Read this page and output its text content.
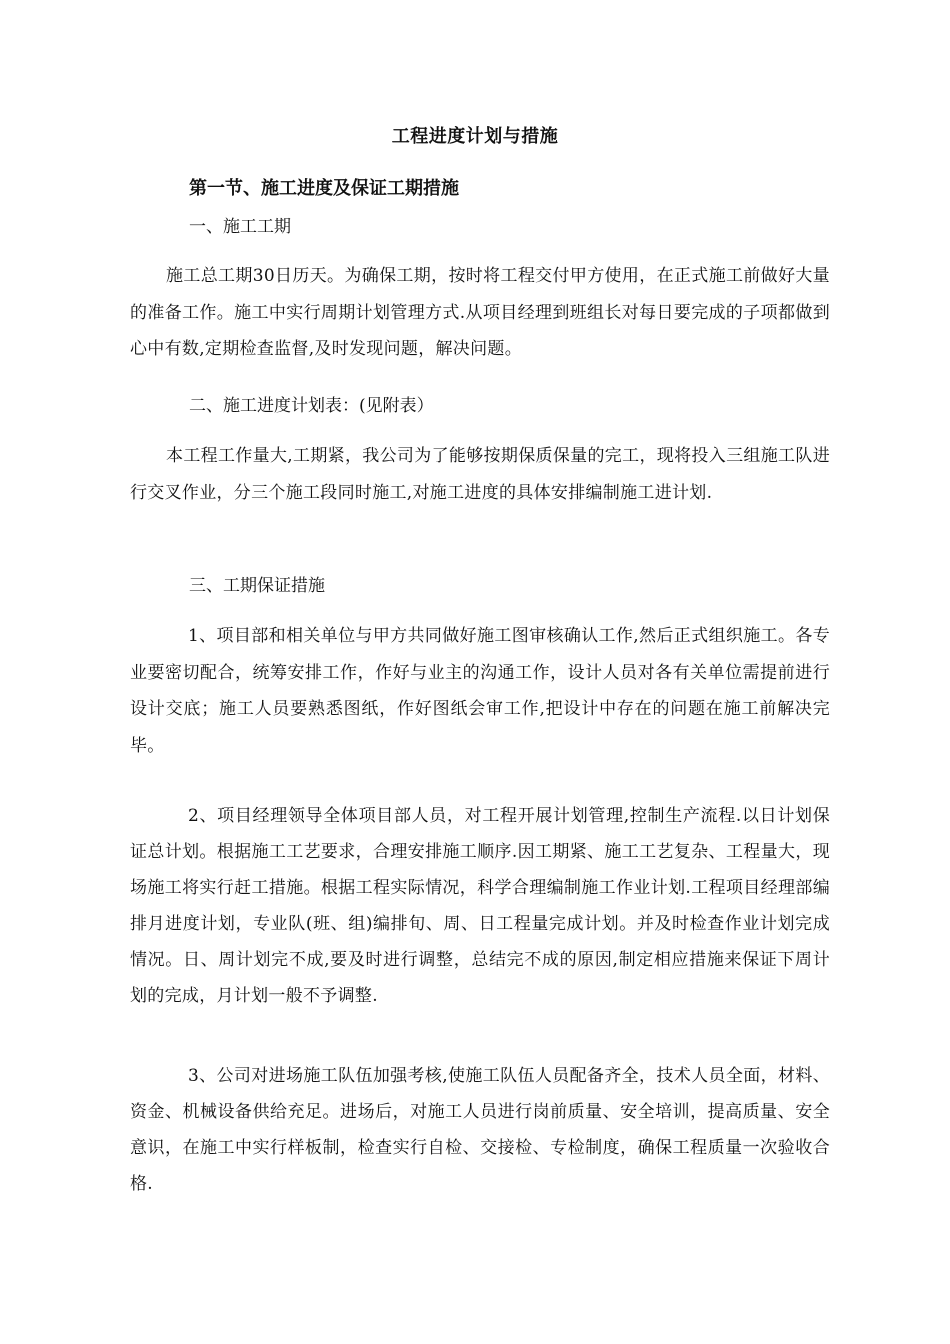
工程进度计划与措施
第一节、施工进度及保证工期措施
一、施工工期
施工总工期30日历天。为确保工期，按时将工程交付甲方使用，在正式施工前做好大量的准备工作。施工中实行周期计划管理方式.从项目经理到班组长对每日要完成的子项都做到心中有数,定期检查监督,及时发现问题，解决问题。
二、施工进度计划表：(见附表）
本工程工作量大,工期紧，我公司为了能够按期保质保量的完工，现将投入三组施工队进行交叉作业，分三个施工段同时施工,对施工进度的具体安排编制施工进计划.
三、工期保证措施
1、项目部和相关单位与甲方共同做好施工图审核确认工作,然后正式组织施工。各专业要密切配合，统筹安排工作，作好与业主的沟通工作，设计人员对各有关单位需提前进行设计交底；施工人员要熟悉图纸，作好图纸会审工作,把设计中存在的问题在施工前解决完毕。
2、项目经理领导全体项目部人员，对工程开展计划管理,控制生产流程.以日计划保证总计划。根据施工工艺要求，合理安排施工顺序.因工期紧、施工工艺复杂、工程量大，现场施工将实行赶工措施。根据工程实际情况，科学合理编制施工作业计划.工程项目经理部编排月进度计划，专业队(班、组)编排旬、周、日工程量完成计划。并及时检查作业计划完成情况。日、周计划完不成,要及时进行调整，总结完不成的原因,制定相应措施来保证下周计划的完成，月计划一般不予调整.
3、公司对进场施工队伍加强考核,使施工队伍人员配备齐全，技术人员全面，材料、资金、机械设备供给充足。进场后，对施工人员进行岗前质量、安全培训，提高质量、安全意识，在施工中实行样板制，检查实行自检、交接检、专检制度，确保工程质量一次验收合格.
